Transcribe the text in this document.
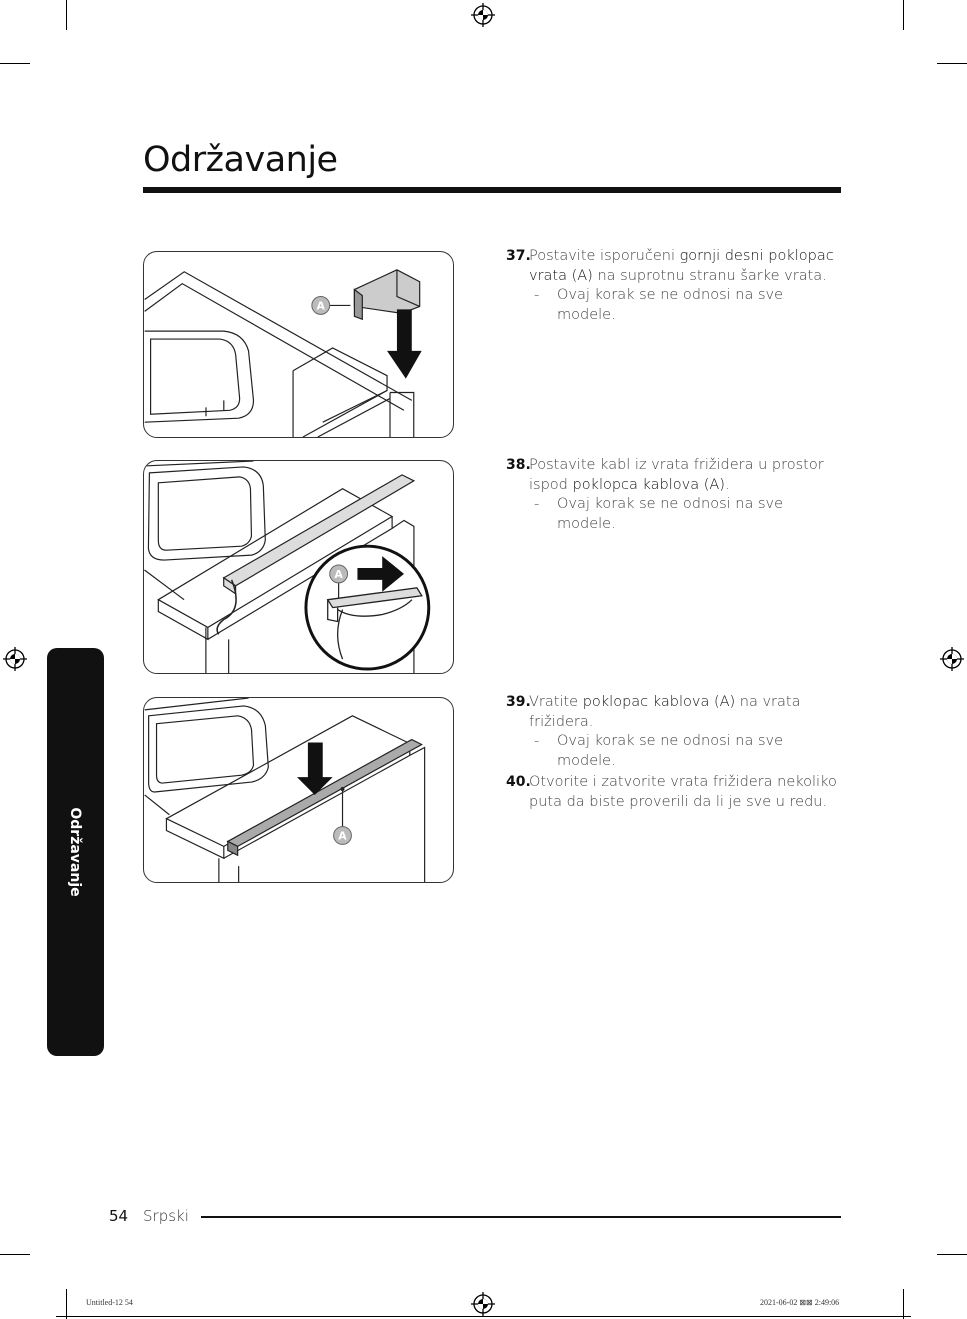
Održavanje
Održavanje
A
A
A
37.
Postavite isporučeni gornji desni poklopac vrata (A) na suprotnu stranu šarke vrata.
- Ovaj korak se ne odnosi na sve modele.
38.
Postavite kabl iz vrata frižidera u prostor ispod poklopca kablova (A).
- Ovaj korak se ne odnosi na sve modele.
39.
Vratite poklopac kablova (A) na vrata frižidera.
- Ovaj korak se ne odnosi na sve modele.
40.
Otvorite i zatvorite vrata frižidera nekoliko puta da biste proverili da li je sve u redu.
54 Srpski
Untitled-12 54	2021-06-02 ⊠⊠ 2:49:06
